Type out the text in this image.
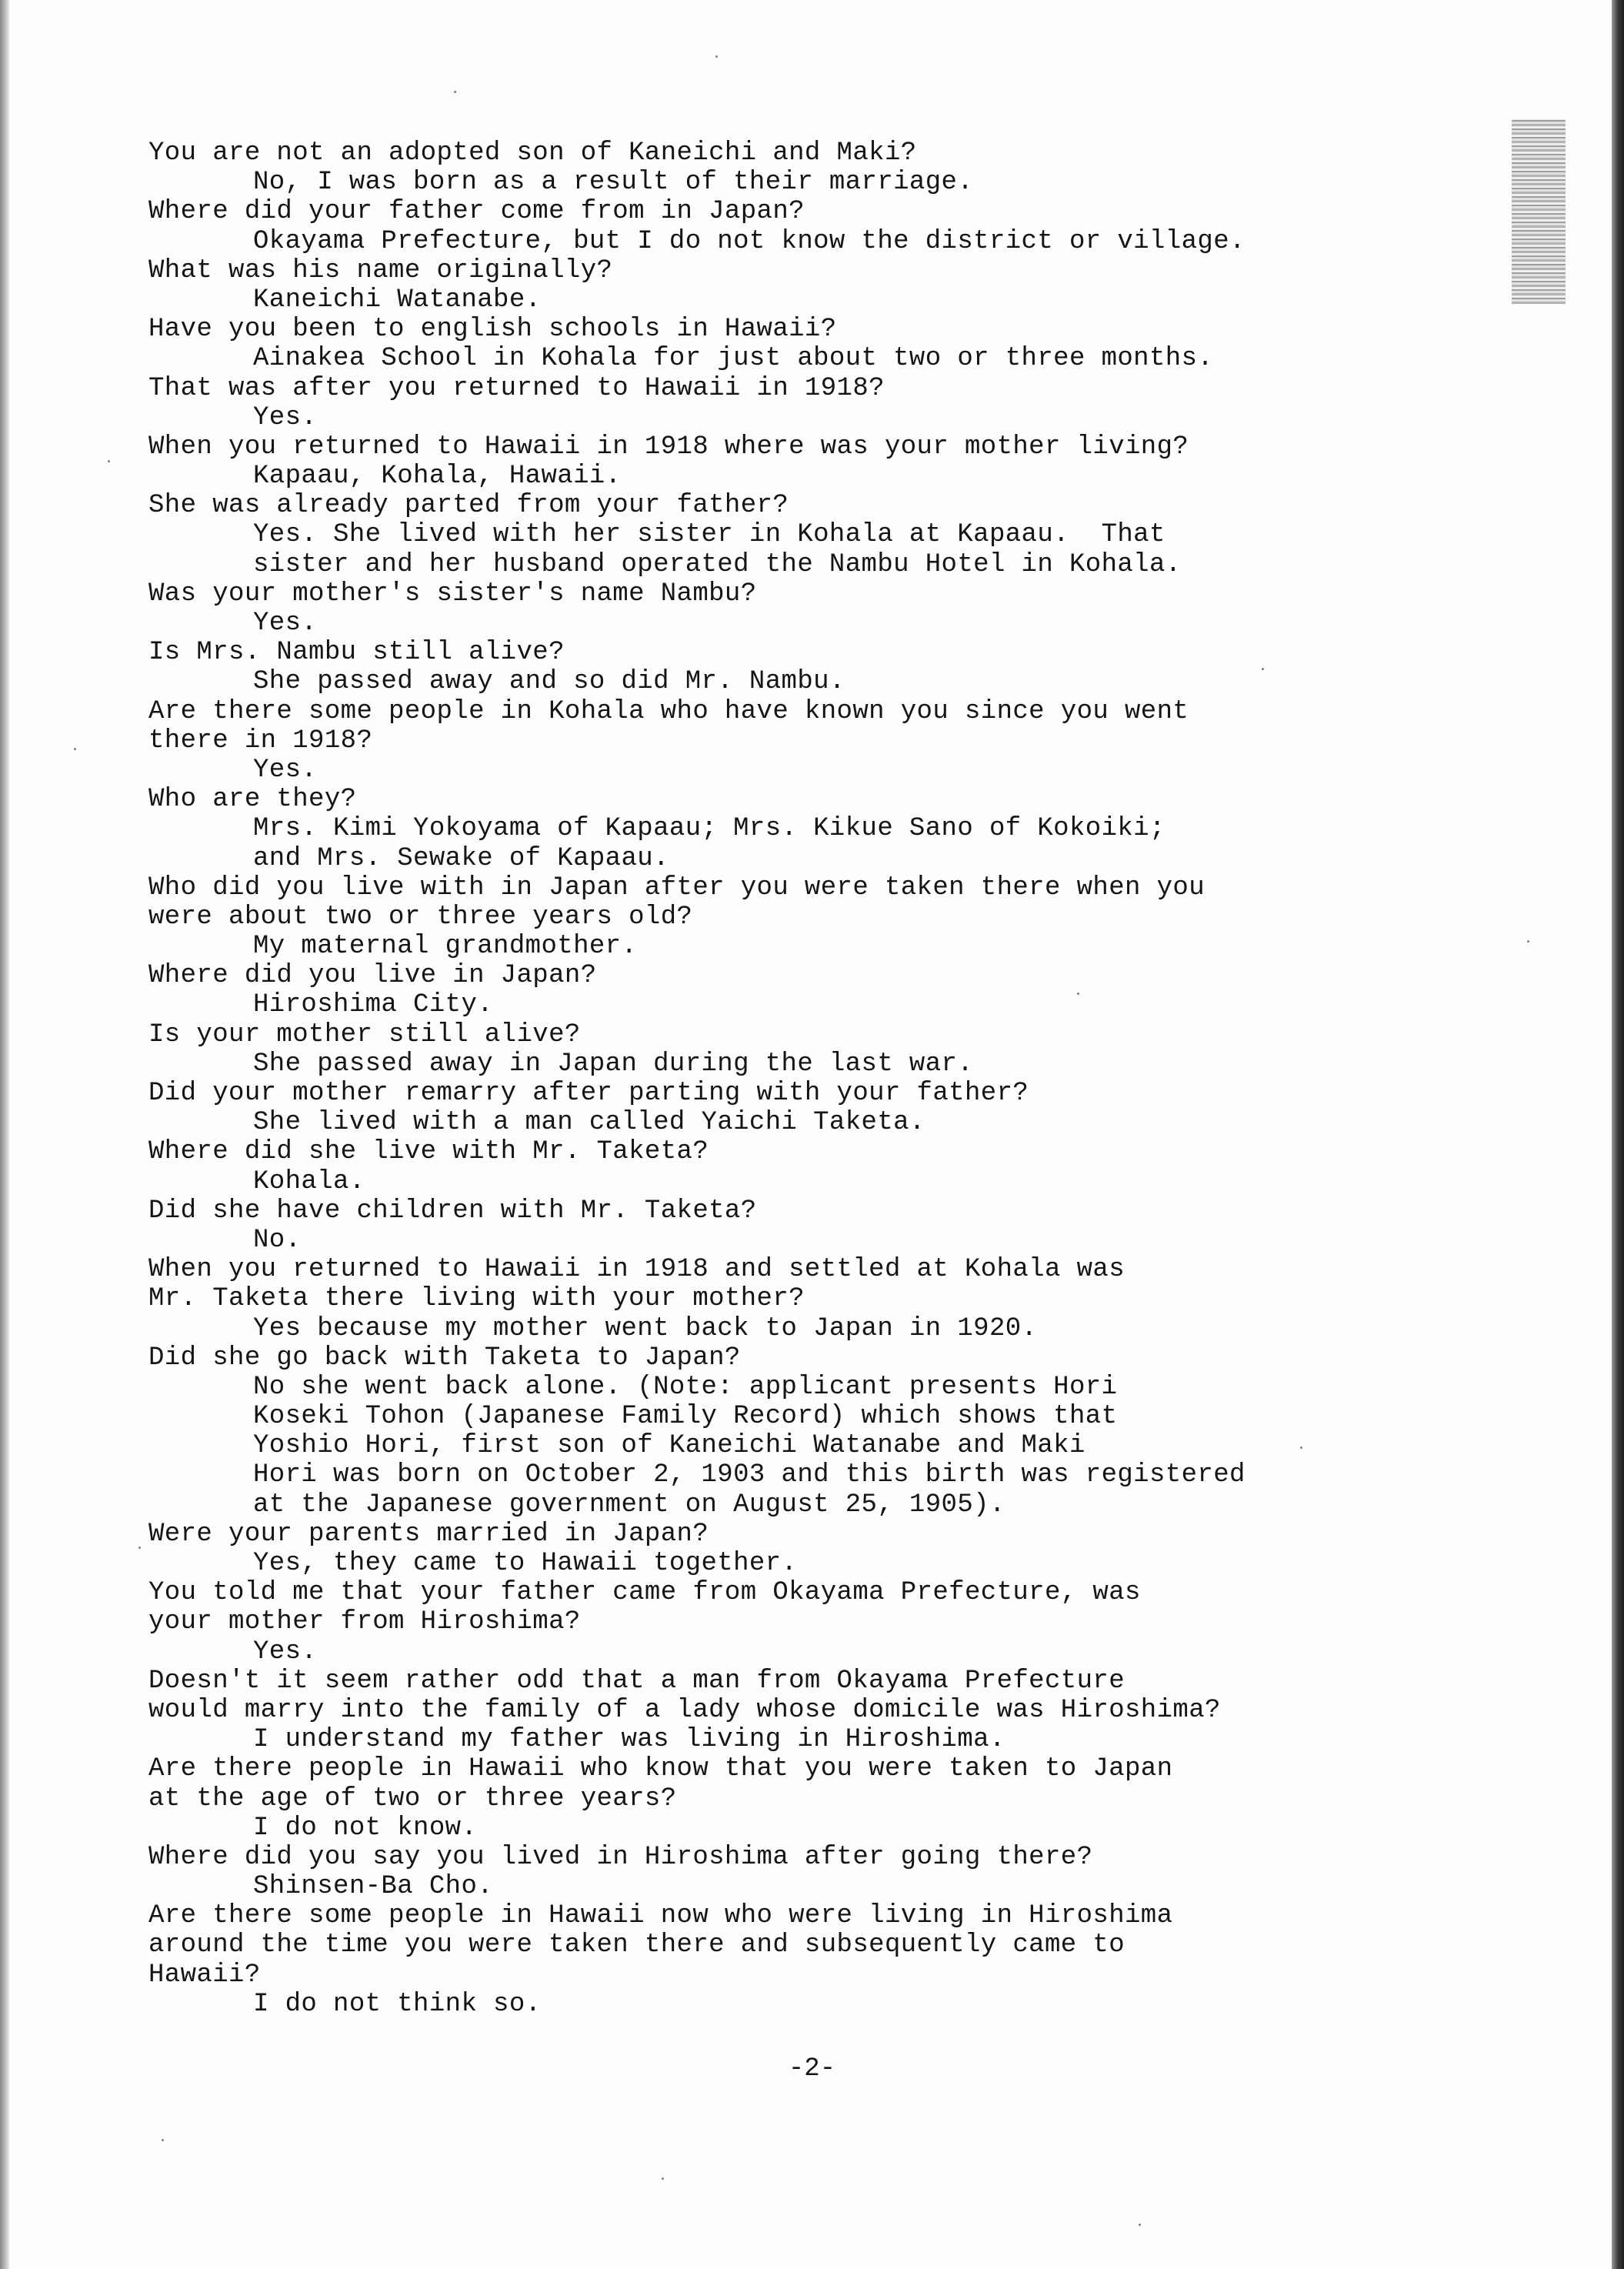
You are not an adopted son of Kaneichi and Maki?
No, I was born as a result of their marriage.
Where did your father come from in Japan?
Okayama Prefecture, but I do not know the district or village.
What was his name originally?
Kaneichi Watanabe.
Have you been to english schools in Hawaii?
Ainakea School in Kohala for just about two or three months.
That was after you returned to Hawaii in 1918?
Yes.
When you returned to Hawaii in 1918 where was your mother living?
Kapaau, Kohala, Hawaii.
She was already parted from your father?
Yes. She lived with her sister in Kohala at Kapaau.  That
sister and her husband operated the Nambu Hotel in Kohala.
Was your mother's sister's name Nambu?
Yes.
Is Mrs. Nambu still alive?
She passed away and so did Mr. Nambu.
Are there some people in Kohala who have known you since you went
there in 1918?
Yes.
Who are they?
Mrs. Kimi Yokoyama of Kapaau; Mrs. Kikue Sano of Kokoiki;
and Mrs. Sewake of Kapaau.
Who did you live with in Japan after you were taken there when you
were about two or three years old?
My maternal grandmother.
Where did you live in Japan?
Hiroshima City.
Is your mother still alive?
She passed away in Japan during the last war.
Did your mother remarry after parting with your father?
She lived with a man called Yaichi Taketa.
Where did she live with Mr. Taketa?
Kohala.
Did she have children with Mr. Taketa?
No.
When you returned to Hawaii in 1918 and settled at Kohala was
Mr. Taketa there living with your mother?
Yes because my mother went back to Japan in 1920.
Did she go back with Taketa to Japan?
No she went back alone. (Note: applicant presents Hori
Koseki Tohon (Japanese Family Record) which shows that
Yoshio Hori, first son of Kaneichi Watanabe and Maki
Hori was born on October 2, 1903 and this birth was registered
at the Japanese government on August 25, 1905).
Were your parents married in Japan?
Yes, they came to Hawaii together.
You told me that your father came from Okayama Prefecture, was
your mother from Hiroshima?
Yes.
Doesn't it seem rather odd that a man from Okayama Prefecture
would marry into the family of a lady whose domicile was Hiroshima?
I understand my father was living in Hiroshima.
Are there people in Hawaii who know that you were taken to Japan
at the age of two or three years?
I do not know.
Where did you say you lived in Hiroshima after going there?
Shinsen-Ba Cho.
Are there some people in Hawaii now who were living in Hiroshima
around the time you were taken there and subsequently came to
Hawaii?
I do not think so.
-2-
